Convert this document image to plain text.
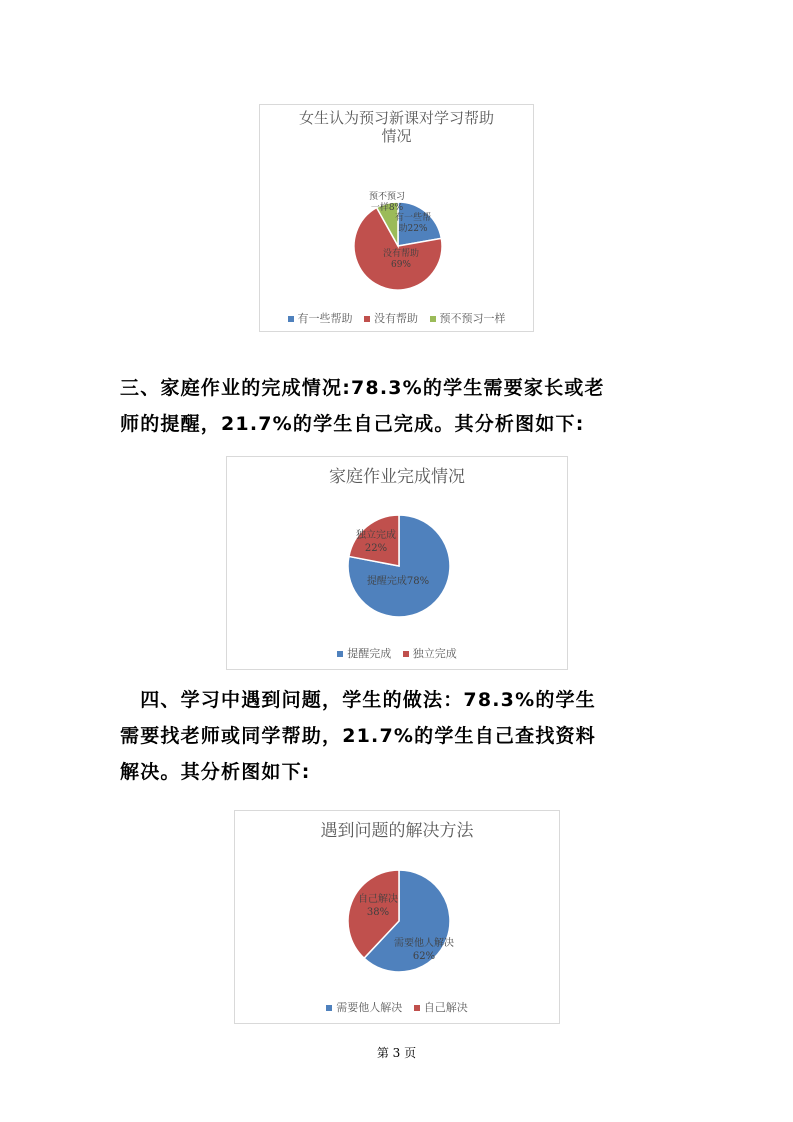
女生认为预习新课对学习帮助
情况
有一些帮
助22%
没有帮助
69%
预不预习
一样8%
有一些帮助 没有帮助 预不预习一样
三、家庭作业的完成情况:78.3%的学生需要家长或老
师的提醒，21.7%的学生自己完成。其分析图如下:
家庭作业完成情况
提醒完成78%
独立完成
22%
提醒完成 独立完成
　四、学习中遇到问题，学生的做法：78.3%的学生
需要找老师或同学帮助，21.7%的学生自己查找资料
解决。其分析图如下:
遇到问题的解决方法
需要他人解决
62%
自己解决
38%
需要他人解决 自己解决
第 3 页
